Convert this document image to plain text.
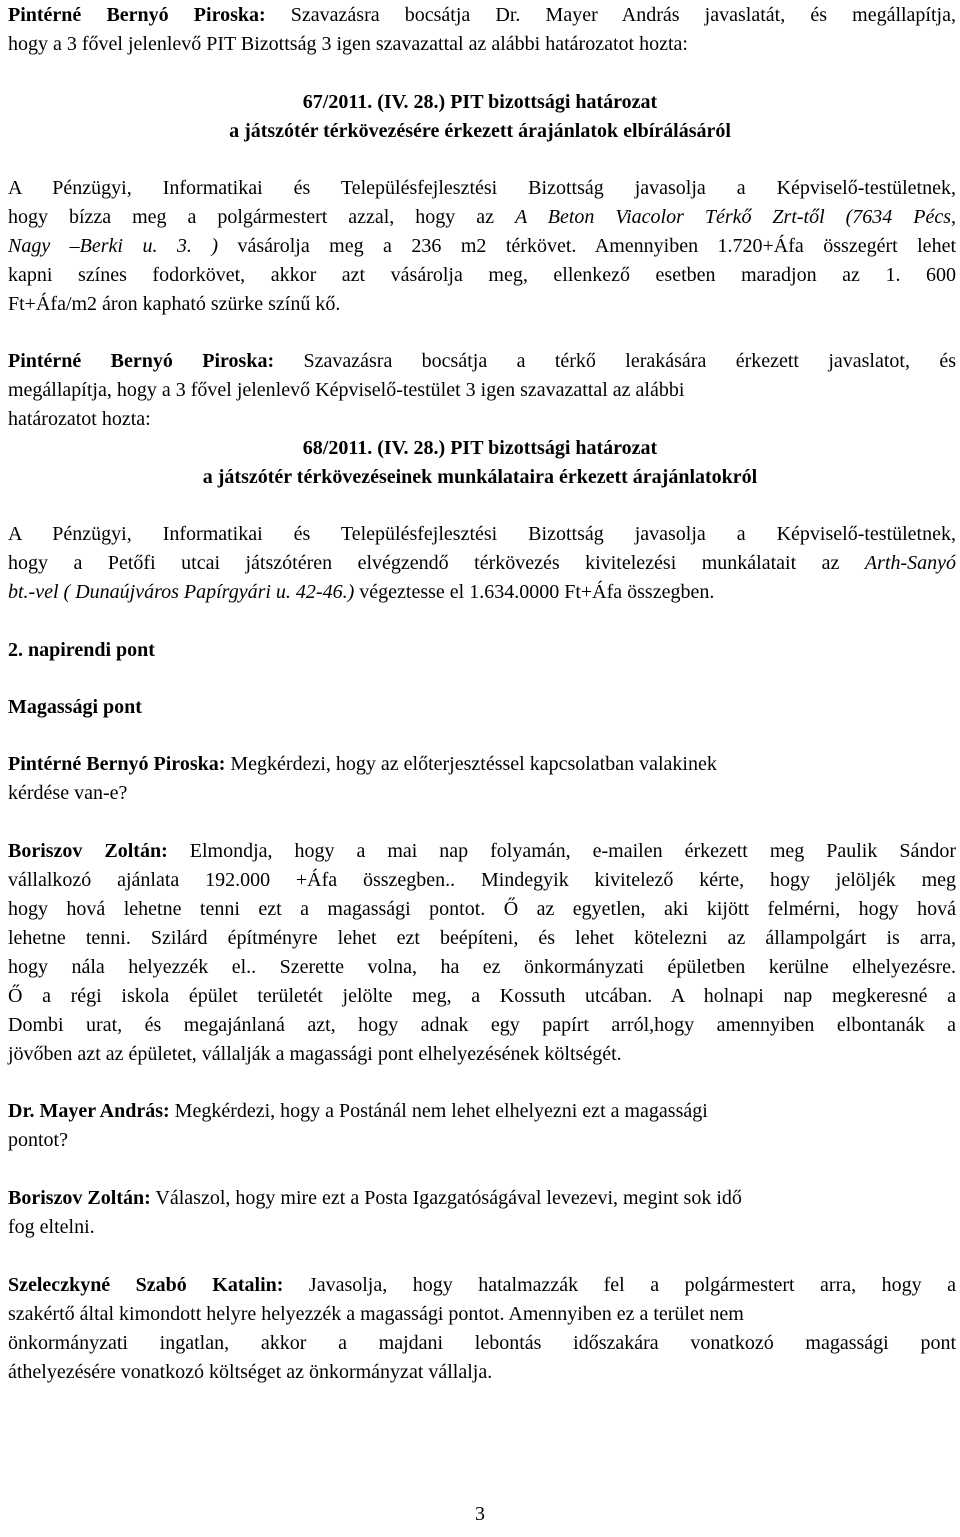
Pintérné Bernyó Piroska: Szavazásra bocsátja Dr. Mayer András javaslatát, és megállapítja,
hogy a 3 fővel jelenlevő PIT Bizottság 3 igen szavazattal az alábbi határozatot hozta:
67/2011. (IV. 28.) PIT bizottsági határozat
a játszótér térkövezésére érkezett árajánlatok elbírálásáról
A Pénzügyi, Informatikai és Településfejlesztési Bizottság javasolja a Képviselő-testületnek,
hogy bízza meg a polgármestert azzal, hogy az A Beton Viacolor Térkő Zrt-től (7634 Pécs,
Nagy –Berki u. 3. ) vásárolja meg a 236 m2 térkövet. Amennyiben 1.720+Áfa összegért lehet
kapni színes fodorkövet, akkor azt vásárolja meg, ellenkező esetben maradjon az 1. 600
Ft+Áfa/m2 áron kapható szürke színű kő.
Pintérné Bernyó Piroska: Szavazásra bocsátja a térkő lerakására érkezett javaslatot, és
megállapítja, hogy a 3 fővel jelenlevő Képviselő-testület 3 igen szavazattal az alábbi
határozatot hozta:
68/2011. (IV. 28.) PIT bizottsági határozat
a játszótér térkövezéseinek munkálataira érkezett árajánlatokról
A Pénzügyi, Informatikai és Településfejlesztési Bizottság javasolja a Képviselő-testületnek,
hogy a Petőfi utcai játszótéren elvégzendő térkövezés kivitelezési munkálatait az Arth-Sanyó
bt.-vel ( Dunaújváros Papírgyári u. 42-46.) végeztesse el 1.634.0000 Ft+Áfa összegben.
2. napirendi pont
Magassági pont
Pintérné Bernyó Piroska: Megkérdezi, hogy az előterjesztéssel kapcsolatban valakinek
kérdése van-e?
Boriszov Zoltán: Elmondja, hogy a mai nap folyamán, e-mailen érkezett meg Paulik Sándor
vállalkozó ajánlata 192.000 +Áfa összegben.. Mindegyik kivitelező kérte, hogy jelöljék meg
hogy hová lehetne tenni ezt a magassági pontot. Ő az egyetlen, aki kijött felmérni, hogy hová
lehetne tenni. Szilárd építményre lehet ezt beépíteni, és lehet kötelezni az állampolgárt is arra,
hogy nála helyezzék el.. Szerette volna, ha ez önkormányzati épületben kerülne elhelyezésre.
Ő a régi iskola épület területét jelölte meg, a Kossuth utcában. A holnapi nap megkeresné a
Dombi urat, és megajánlaná azt, hogy adnak egy papírt arról,hogy amennyiben elbontanák a
jövőben azt az épületet, vállalják a magassági pont elhelyezésének költségét.
Dr. Mayer András: Megkérdezi, hogy a Postánál nem lehet elhelyezni ezt a magassági
pontot?
Boriszov Zoltán: Válaszol, hogy mire ezt a Posta Igazgatóságával levezevi, megint sok idő
fog eltelni.
Szeleczkyné Szabó Katalin: Javasolja, hogy hatalmazzák fel a polgármestert arra, hogy a
szakértő által kimondott helyre helyezzék a magassági pontot. Amennyiben ez a terület nem
önkormányzati ingatlan, akkor a majdani lebontás időszakára vonatkozó magassági pont
áthelyezésére vonatkozó költséget az önkormányzat vállalja.
3
